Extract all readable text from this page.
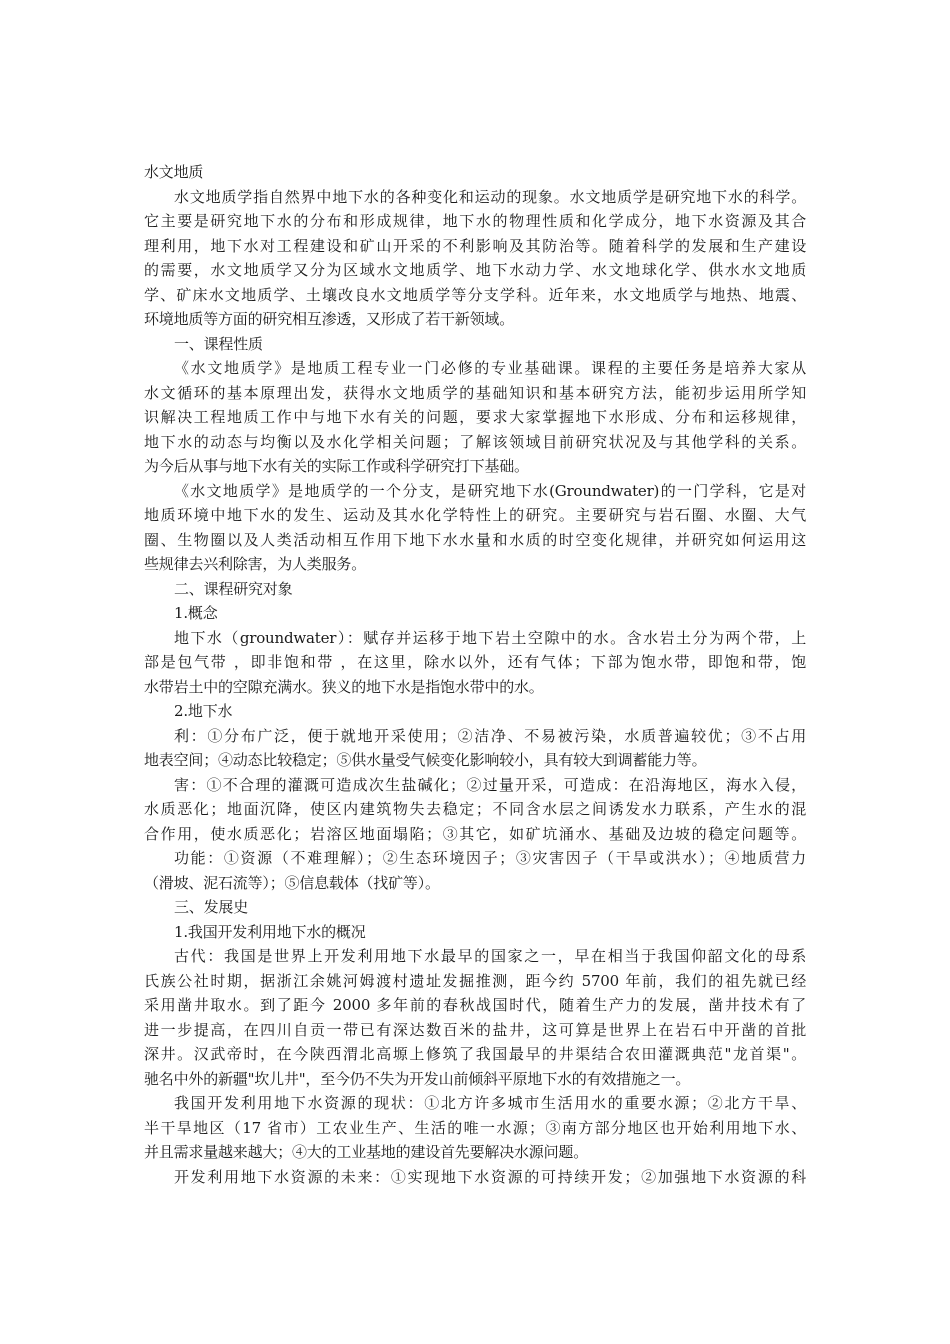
水文地质
水文地质学指自然界中地下水的各种变化和运动的现象。水文地质学是研究地下水的科学。
它主要是研究地下水的分布和形成规律，地下水的物理性质和化学成分，地下水资源及其合
理利用，地下水对工程建设和矿山开采的不利影响及其防治等。随着科学的发展和生产建设
的需要，水文地质学又分为区域水文地质学、地下水动力学、水文地球化学、供水水文地质
学、矿床水文地质学、土壤改良水文地质学等分支学科。近年来，水文地质学与地热、地震、
环境地质等方面的研究相互渗透，又形成了若干新领域。
一、课程性质
《水文地质学》是地质工程专业一门必修的专业基础课。课程的主要任务是培养大家从
水文循环的基本原理出发，获得水文地质学的基础知识和基本研究方法，能初步运用所学知
识解决工程地质工作中与地下水有关的问题，要求大家掌握地下水形成、分布和运移规律，
地下水的动态与均衡以及水化学相关问题；了解该领域目前研究状况及与其他学科的关系。
为今后从事与地下水有关的实际工作或科学研究打下基础。
《水文地质学》是地质学的一个分支，是研究地下水(Groundwater)的一门学科，它是对
地质环境中地下水的发生、运动及其水化学特性上的研究。主要研究与岩石圈、水圈、大气
圈、生物圈以及人类活动相互作用下地下水水量和水质的时空变化规律，并研究如何运用这
些规律去兴利除害，为人类服务。
二、课程研究对象
1.概念
地下水（groundwater）：赋存并运移于地下岩土空隙中的水。含水岩土分为两个带，上
部是包气带 ，即非饱和带 ，在这里，除水以外，还有气体；下部为饱水带，即饱和带，饱
水带岩土中的空隙充满水。狭义的地下水是指饱水带中的水。
2.地下水
利：①分布广泛，便于就地开采使用；②洁净、不易被污染，水质普遍较优；③不占用
地表空间；④动态比较稳定；⑤供水量受气候变化影响较小，具有较大到调蓄能力等。
害：①不合理的灌溉可造成次生盐碱化；②过量开采，可造成：在沿海地区，海水入侵，
水质恶化；地面沉降，使区内建筑物失去稳定；不同含水层之间诱发水力联系，产生水的混
合作用，使水质恶化；岩溶区地面塌陷；③其它，如矿坑涌水、基础及边坡的稳定问题等。
功能：①资源（不难理解）；②生态环境因子；③灾害因子（干旱或洪水）；④地质营力
（滑坡、泥石流等）；⑤信息载体（找矿等）。
三、发展史
1.我国开发利用地下水的概况
古代：我国是世界上开发利用地下水最早的国家之一，早在相当于我国仰韶文化的母系
氏族公社时期，据浙江余姚河姆渡村遗址发掘推测，距今约 5700 年前，我们的祖先就已经
采用凿井取水。到了距今 2000 多年前的春秋战国时代，随着生产力的发展，凿井技术有了
进一步提高，在四川自贡一带已有深达数百米的盐井，这可算是世界上在岩石中开凿的首批
深井。汉武帝时，在今陕西渭北高塬上修筑了我国最早的井渠结合农田灌溉典范"龙首渠"。
驰名中外的新疆"坎儿井"，至今仍不失为开发山前倾斜平原地下水的有效措施之一。
我国开发利用地下水资源的现状：①北方许多城市生活用水的重要水源；②北方干旱、
半干旱地区（17 省市）工农业生产、生活的唯一水源；③南方部分地区也开始利用地下水、
并且需求量越来越大；④大的工业基地的建设首先要解决水源问题。
开发利用地下水资源的未来：①实现地下水资源的可持续开发；②加强地下水资源的科
